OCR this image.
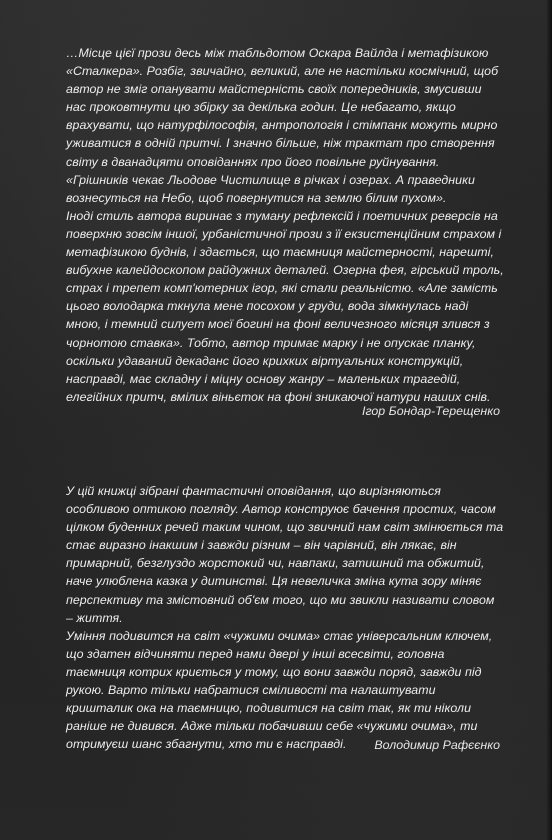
…Місце цієї прози десь між табльдотом Оскара Вайлда і метафізикою «Сталкера». Розбіг, звичайно, великий, але не настільки космічний, щоб автор не зміг опанувати майстерність своїх попередників, змусивши нас проковтнути цю збірку за декілька годин. Це небагато, якщо врахувати, що натурфілософія, антропологія і стімпанк можуть мирно уживатися в одній притчі. І значно більше, ніж трактат про створення світу в дванадцяти оповіданнях про його повільне руйнування. «Грішників чекає Льодове Чистилище в річках і озерах. А праведники вознесуться на Небо, щоб повернутися на землю білим пухом».

Іноді стиль автора виринає з туману рефлексій і поетичних реверсів на поверхню зовсім іншої, урбаністичної прози з її екзистенційним страхом і метафізикою буднів, і здається, що таємниця майстерності, нарешті, вибухне калейдоскопом райдужних деталей. Озерна фея, гірський троль, страх і трепет комп'ютерних ігор, які стали реальністю. «Але замість цього володарка ткнула мене посохом у груди, вода зімкнулась наді мною, і темний силует моєї богині на фоні величезного місяця злився з чорнотою ставка». Тобто, автор тримає марку і не опускає планку, оскільки удаваний декаданс його крихких віртуальних конструкцій, насправді, має складну і міцну основу жанру – маленьких трагедій, елегійних притч, вмілих віньєток на фоні зникаючої натури наших снів.

Ігор Бондар-Терещенко

У цій книжці зібрані фантастичні оповідання, що вирізняються особливою оптикою погляду. Автор конструює бачення простих, часом цілком буденних речей таким чином, що звичний нам світ змінюється та стає виразно інакшим і завжди різним – він чарівний, він лякає, він примарний, безглуздо жорстокий чи, навпаки, затишний та обжитий, наче улюблена казка у дитинстві. Ця невеличка зміна кута зору міняє перспективу та змістовний об'єм того, що ми звикли називати словом – життя.

Уміння подивится на світ «чужими очима» стає універсальним ключем, що здатен відчиняти перед нами двері у інші всесвіти, головна таємниця котрих криється у тому, що вони завжди поряд, завжди під рукою. Варто тільки набратися сміливості та налаштувати кришталик ока на таємницю, подивитися на світ так, як ти ніколи раніше не дивився. Адже тільки побачивши себе «чужими очима», ти отримуєш шанс збагнути, хто ти є насправді.	Володимир Рафєєнко
